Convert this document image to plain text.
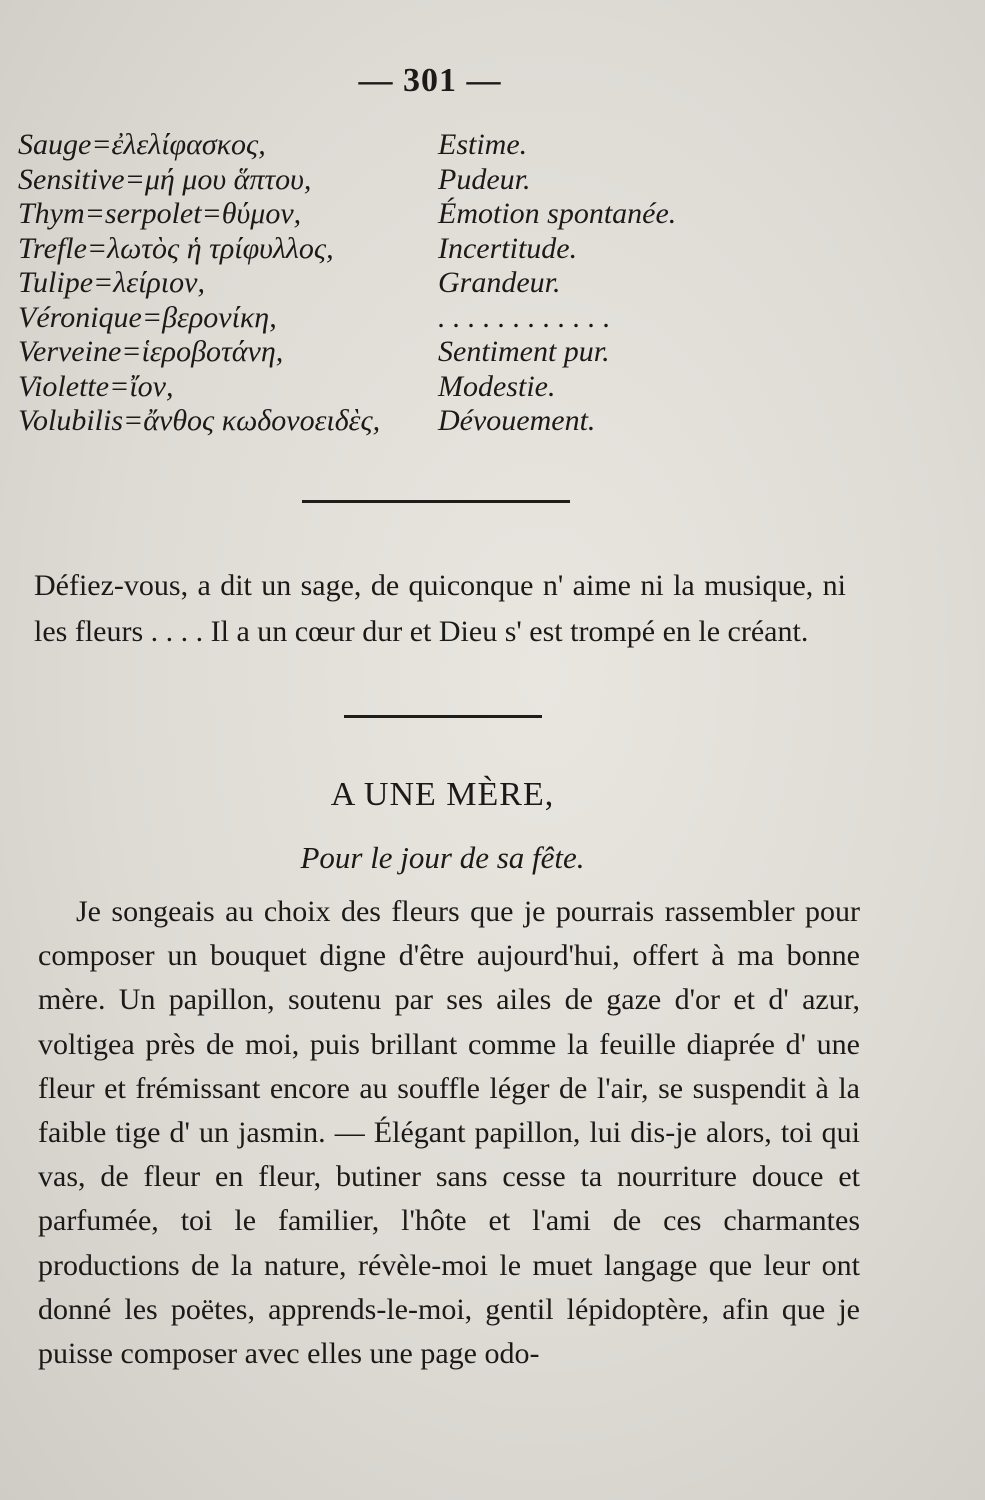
— 301 —
Sauge=ἐλελίφασκος,	Estime.
Sensitive=μή μου ἅπτου,	Pudeur.
Thym=serpolet=θύμον,	Émotion spontanée.
Trefle=λωτὸς ἡ τρίφυλλος,	Incertitude.
Tulipe=λείριον,	Grandeur.
Véronique=βερονίκη,	. . . . . . . . . . . .
Verveine=ἱεροβοτάνη,	Sentiment pur.
Violette=ἴον,	Modestie.
Volubilis=ἄνθος κωδονοειδὲς, Dévouement.
Défiez-vous, a dit un sage, de quiconque n' aime ni la musique, ni les fleurs . . . . Il a un cœur dur et Dieu s' est trompé en le créant.
A UNE MÈRE,
Pour le jour de sa fête.
Je songeais au choix des fleurs que je pourrais rassembler pour composer un bouquet digne d'être aujourd'hui, offert à ma bonne mère. Un papillon, soutenu par ses ailes de gaze d'or et d' azur, voltigea près de moi, puis brillant comme la feuille diaprée d' une fleur et frémissant encore au souffle léger de l'air, se suspendit à la faible tige d' un jasmin. — Élégant papillon, lui dis-je alors, toi qui vas, de fleur en fleur, butiner sans cesse ta nourriture douce et parfumée, toi le familier, l'hôte et l'ami de ces charmantes productions de la nature, révèle-moi le muet langage que leur ont donné les poëtes, apprends-le-moi, gentil lépidoptère, afin que je puisse composer avec elles une page odo-
